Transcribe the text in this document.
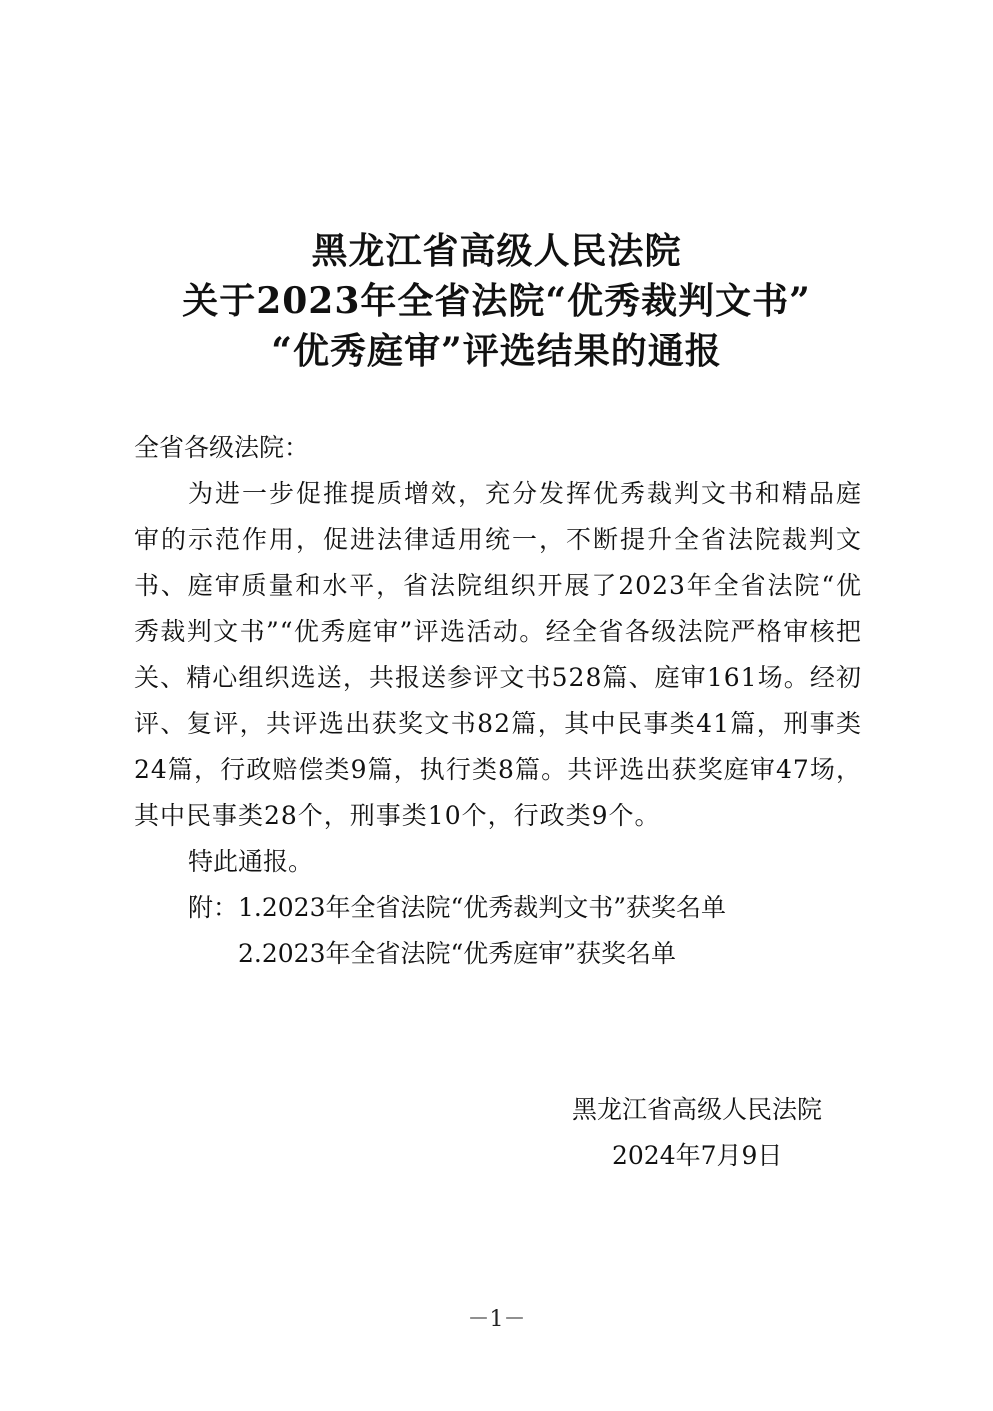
黑龙江省高级人民法院
关于2023年全省法院“优秀裁判文书”
“优秀庭审”评选结果的通报
全省各级法院：

为进一步促推提质增效，充分发挥优秀裁判文书和精品庭审的示范作用，促进法律适用统一，不断提升全省法院裁判文书、庭审质量和水平，省法院组织开展了2023年全省法院“优秀裁判文书”“优秀庭审”评选活动。经全省各级法院严格审核把关、精心组织选送，共报送参评文书528篇、庭审161场。经初评、复评，共评选出获奖文书82篇，其中民事类41篇，刑事类24篇，行政赔偿类9篇，执行类8篇。共评选出获奖庭审47场，其中民事类28个，刑事类10个，行政类9个。

特此通报。
附：1.2023年全省法院“优秀裁判文书”获奖名单
2.2023年全省法院“优秀庭审”获奖名单
黑龙江省高级人民法院
2024年7月9日
－1－
